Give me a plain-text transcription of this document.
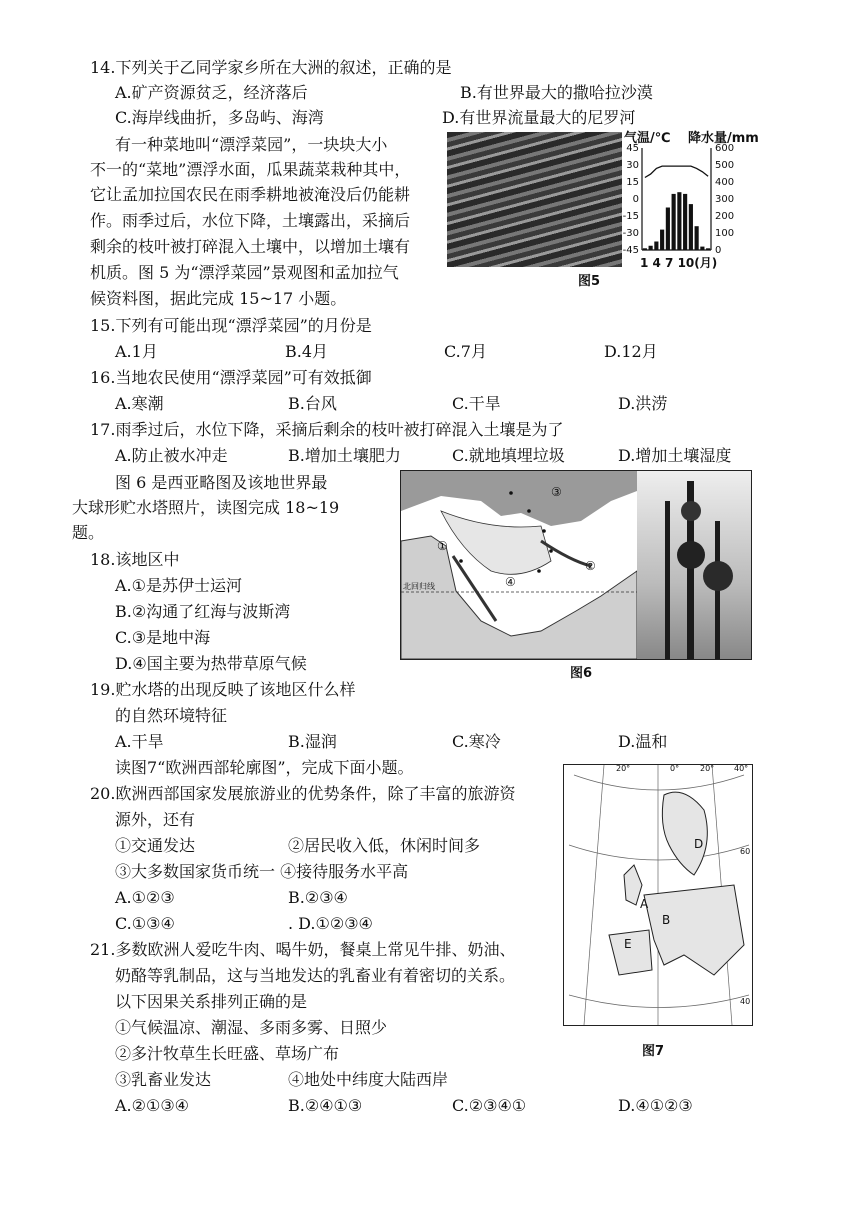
14.下列关于乙同学家乡所在大洲的叙述，正确的是
A.矿产资源贫乏，经济落后	B.有世界最大的撒哈拉沙漠
C.海岸线曲折，多岛屿、海湾	D.有世界流量最大的尼罗河
有一种菜地叫“漂浮菜园”，一块块大小
不一的“菜地”漂浮水面，瓜果蔬菜栽种其中，
它让孟加拉国农民在雨季耕地被淹没后仍能耕
作。雨季过后，水位下降，土壤露出，采摘后
剩余的枝叶被打碎混入土壤中，以增加土壤有
机质。图 5 为“漂浮菜园”景观图和孟加拉气
候资料图，据此完成 15~17 小题。
气温/℃ 降水量/mm
45
30
15
0
-15
-30
-45
600
500
400
300
200
100
0
1 4 7 10(月)
图5
15.下列有可能出现“漂浮菜园”的月份是
A.1月	B.4月	C.7月	D.12月
16.当地农民使用“漂浮菜园”可有效抵御
A.寒潮	B.台风	C.干旱	D.洪涝
17.雨季过后，水位下降，采摘后剩余的枝叶被打碎混入土壤是为了
A.防止被水冲走	B.增加土壤肥力	C.就地填埋垃圾	D.增加土壤湿度
图 6 是西亚略图及该地世界最
大球形贮水塔照片，读图完成 18~19
题。
①
②
③
④
北回归线
图6
18.该地区中
A.①是苏伊士运河
B.②沟通了红海与波斯湾
C.③是地中海
D.④国主要为热带草原气候
19.贮水塔的出现反映了该地区什么样
的自然环境特征
A.干旱	B.湿润	C.寒冷	D.温和
读图7“欧洲西部轮廓图”，完成下面小题。	20°	0°	20° 40°
60
40
D
B
A
E
图7
20.欧洲西部国家发展旅游业的优势条件，除了丰富的旅游资
源外，还有
①交通发达	②居民收入低，休闲时间多
③大多数国家货币统一 ④接待服务水平高
A.①②③	B.②③④
C.①③④	. D.①②③④
21.多数欧洲人爱吃牛肉、喝牛奶，餐桌上常见牛排、奶油、
奶酪等乳制品，这与当地发达的乳畜业有着密切的关系。
以下因果关系排列正确的是
①气候温凉、潮湿、多雨多雾、日照少
②多汁牧草生长旺盛、草场广布
③乳畜业发达	④地处中纬度大陆西岸
A.②①③④	B.②④①③	C.②③④①	D.④①②③
